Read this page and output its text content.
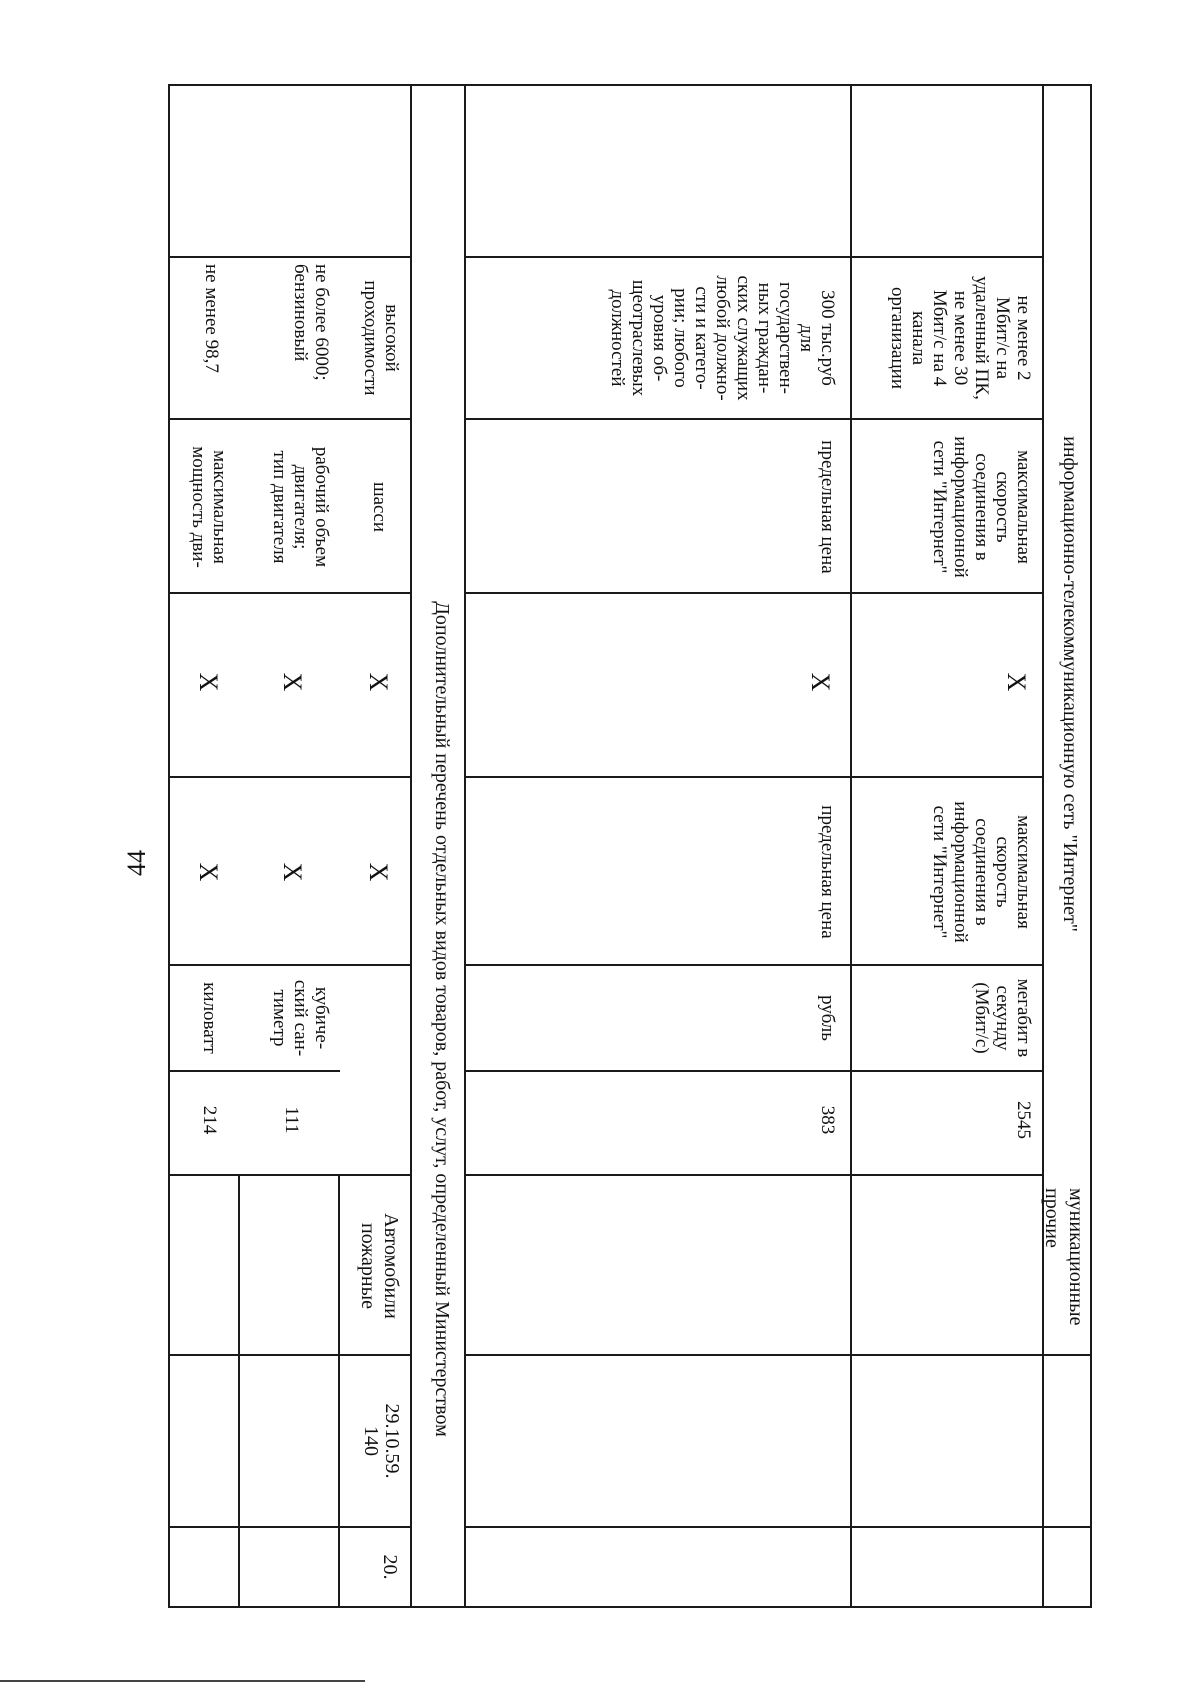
44	информационно-телекоммуникационную сеть "Интернет"
Дополнительный перечень отдельных видов товаров, работ, услут, определенный Министерством	муникационные
прочие
2545
мегабит в
секунду
(Мбит/с)
максимальная
скорость
соединения в
информационной
сети "Интернет"
X
максимальная
скорость
соединения в
информационной
сети "Интернет"
не менее 2
Мбит/с на
удаленный ПК,
не менее 30
Мбит/с на 4
канала
организации
383
рубль
предельная цена
X
предельная цена
300 тыс.руб
для
государствен-
ных граждан-
ских служащих
любой должно-
сти и катего-
рии; любого
уровня об-
щеотраслевых
должностей
20.
29.10.59.
140
Автомобили
пожарные
X
X
шасси
высокой
проходимости
111
кубиче-
ский сан-
тиметр
X
X
рабочий объем
двигателя;
тип двигателя
не более 6000;
бензиновый
214
киловатт
X
X
максимальная
мощность дви-
не менее 98,7
